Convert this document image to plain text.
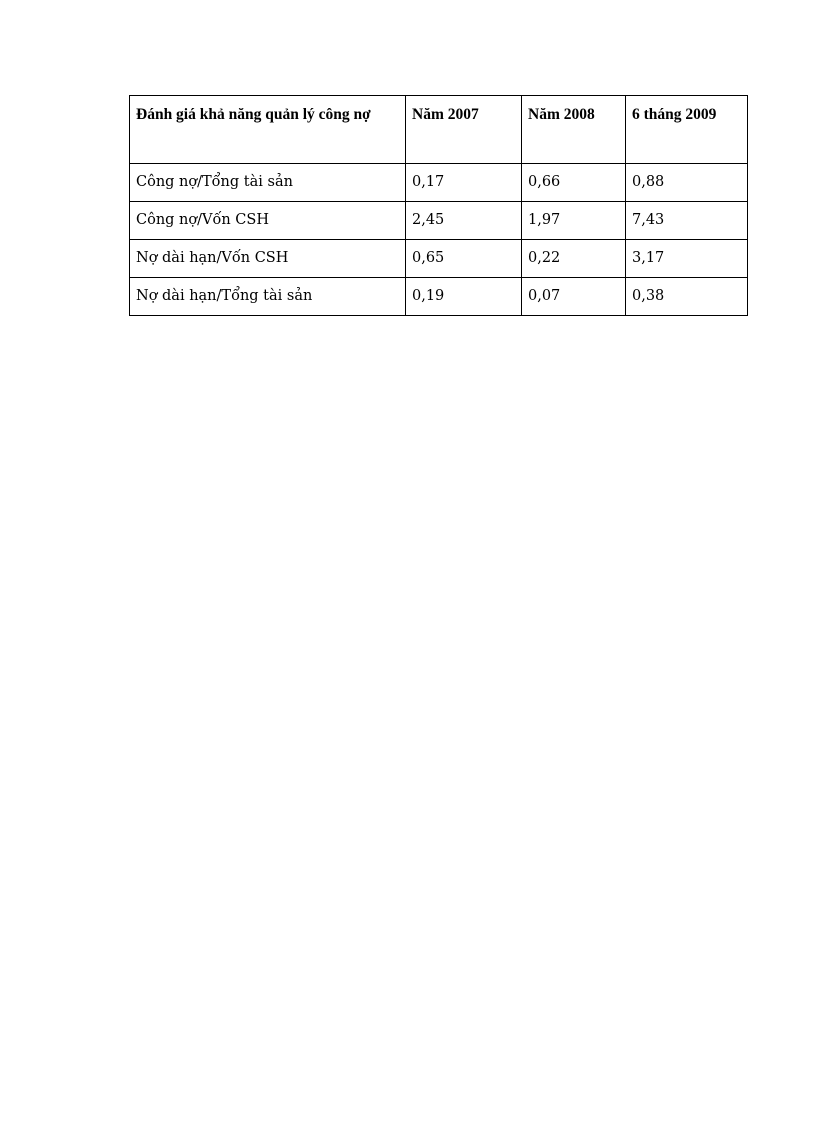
Đánh giá khả năng quản lý công nợ	Năm 2007	Năm 2008	6 tháng 2009
Công nợ/Tổng tài sản	0,17	0,66	0,88
Công nợ/Vốn CSH	2,45	1,97	7,43
Nợ dài hạn/Vốn CSH	0,65	0,22	3,17
Nợ dài hạn/Tổng tài sản	0,19	0,07	0,38
